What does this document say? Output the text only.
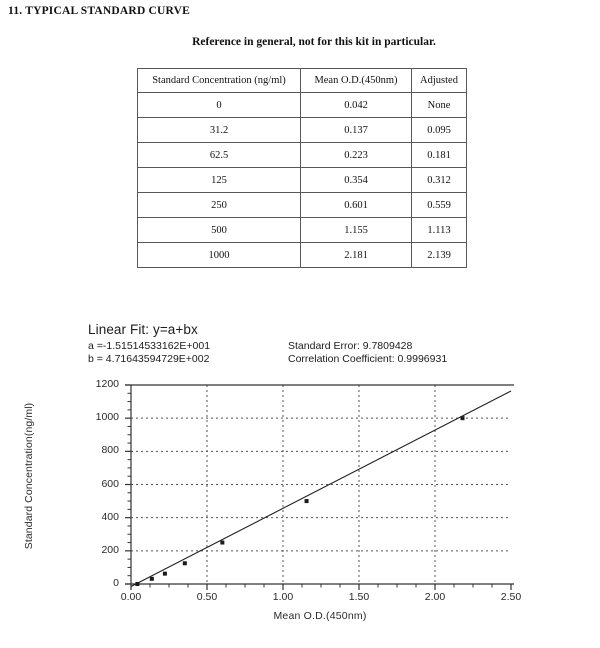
11. TYPICAL STANDARD CURVE
Reference in general, not for this kit in particular.
Standard Concentration (ng/ml)	Mean O.D.(450nm)	Adjusted
0	0.042	None
31.2	0.137	0.095
62.5	0.223	0.181
125	0.354	0.312
250	0.601	0.559
500	1.155	1.113
1000	2.181	2.139
Linear Fit: y=a+bx
a =-1.51514533162E+001	Standard Error: 9.7809428
b = 4.71643594729E+002	Correlation Coefficient: 0.9996931
Standard Concentration(ng/ml)
Mean O.D.(450nm)
0
200
400
600
800
1000
1200
0.00	0.50	1.00	1.50	2.00	2.50
